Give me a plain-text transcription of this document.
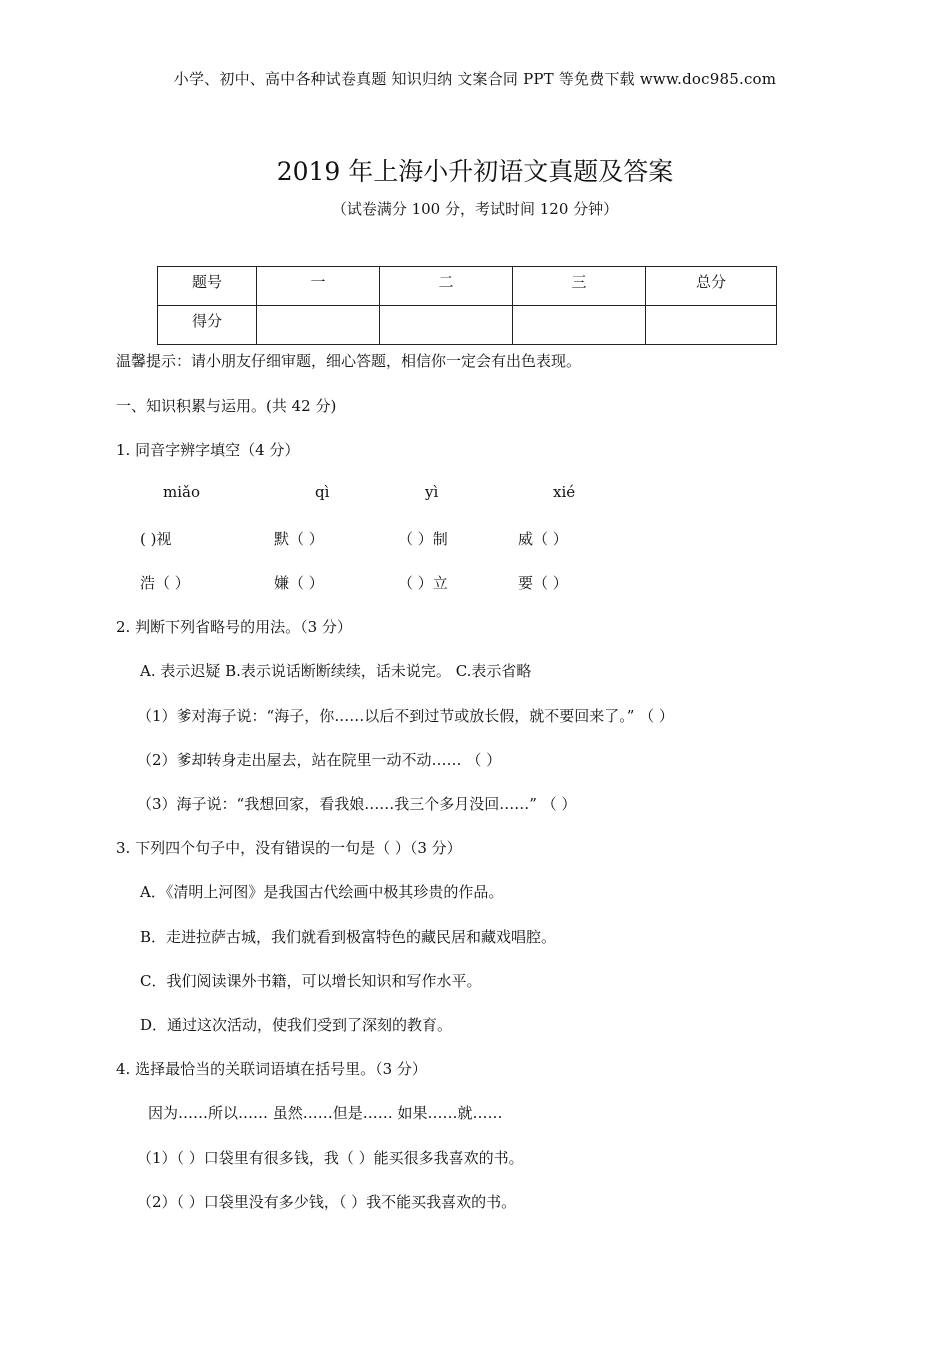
小学、初中、高中各种试卷真题 知识归纳 文案合同 PPT 等免费下载 www.doc985.com
2019 年上海小升初语文真题及答案
（试卷满分 100 分，考试时间 120 分钟）
题号	一	二	三	总分
得分				
温馨提示：请小朋友仔细审题，细心答题，相信你一定会有出色表现。
一、知识积累与运用。(共 42 分)
1. 同音字辨字填空（4 分）
miǎo	qì	yì	xié
( )视	默（ ）	（ ）制	威（ ）
浩（ ）	嫌（ ）	（ ）立	要（ ）
2. 判断下列省略号的用法。（3 分）
A. 表示迟疑 B.表示说话断断续续，话未说完。 C.表示省略
（1）爹对海子说：“海子，你……以后不到过节或放长假，就不要回来了。” （ ）
（2）爹却转身走出屋去，站在院里一动不动…… （ ）
（3）海子说：“我想回家，看我娘……我三个多月没回……” （ ）
3. 下列四个句子中，没有错误的一句是（ ）（3 分）
A．《清明上河图》是我国古代绘画中极其珍贵的作品。
B．走进拉萨古城，我们就看到极富特色的藏民居和藏戏唱腔。
C．我们阅读课外书籍，可以增长知识和写作水平。
D．通过这次活动，使我们受到了深刻的教育。
4. 选择最恰当的关联词语填在括号里。（3 分）
因为……所以…… 虽然……但是…… 如果……就……
（1）（ ）口袋里有很多钱，我（ ）能买很多我喜欢的书。
（2）（ ）口袋里没有多少钱，（ ）我不能买我喜欢的书。
